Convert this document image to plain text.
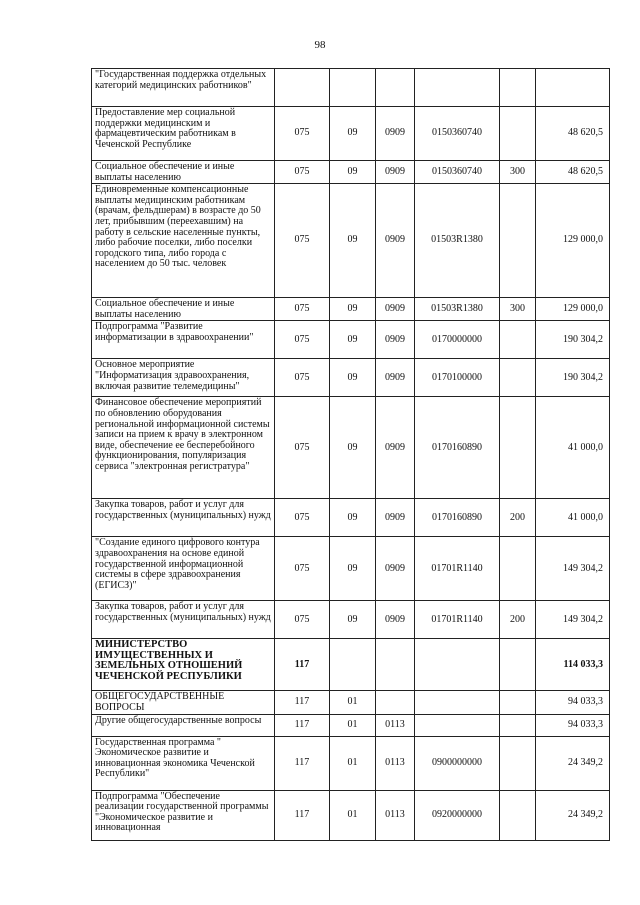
98
"Государственная поддержка отдельных категорий медицинских работников"						
Предоставление мер социальной поддержки медицинским и фармацевтическим работникам в Чеченской Республике	075	09	0909	0150360740		48 620,5
Социальное обеспечение и иные выплаты населению	075	09	0909	0150360740	300	48 620,5
Единовременные компенсационные выплаты медицинским работникам (врачам, фельдшерам) в возрасте до 50 лет, прибывшим (переехавшим) на работу в сельские населенные пункты, либо рабочие поселки, либо поселки городского типа, либо города с населением до 50 тыс. человек	075	09	0909	01503R1380		129 000,0
Социальное обеспечение и иные выплаты населению	075	09	0909	01503R1380	300	129 000,0
Подпрограмма "Развитие информатизации в здравоохранении"	075	09	0909	0170000000		190 304,2
Основное мероприятие "Информатизация здравоохранения, включая развитие телемедицины"	075	09	0909	0170100000		190 304,2
Финансовое обеспечение мероприятий по обновлению оборудования региональной информационной системы записи на прием к врачу в электронном виде, обеспечение ее бесперебойного функционирования, популяризация сервиса "электронная регистратура"	075	09	0909	0170160890		41 000,0
Закупка товаров, работ и услуг для государственных (муниципальных) нужд	075	09	0909	0170160890	200	41 000,0
"Создание единого цифрового контура здравоохранения на основе единой государственной информационной системы в сфере здравоохранения (ЕГИСЗ)"	075	09	0909	01701R1140		149 304,2
Закупка товаров, работ и услуг для государственных (муниципальных) нужд	075	09	0909	01701R1140	200	149 304,2
МИНИСТЕРСТВО ИМУЩЕСТВЕННЫХ И ЗЕМЕЛЬНЫХ ОТНОШЕНИЙ ЧЕЧЕНСКОЙ РЕСПУБЛИКИ	117					114 033,3
ОБЩЕГОСУДАРСТВЕННЫЕ ВОПРОСЫ	117	01				94 033,3
Другие общегосударственные вопросы	117	01	0113			94 033,3
Государственная программа " Экономическое развитие и инновационная экономика Чеченской Республики"	117	01	0113	0900000000		24 349,2
Подпрограмма "Обеспечение реализации государственной программы "Экономическое развитие и инновационная	117	01	0113	0920000000		24 349,2
